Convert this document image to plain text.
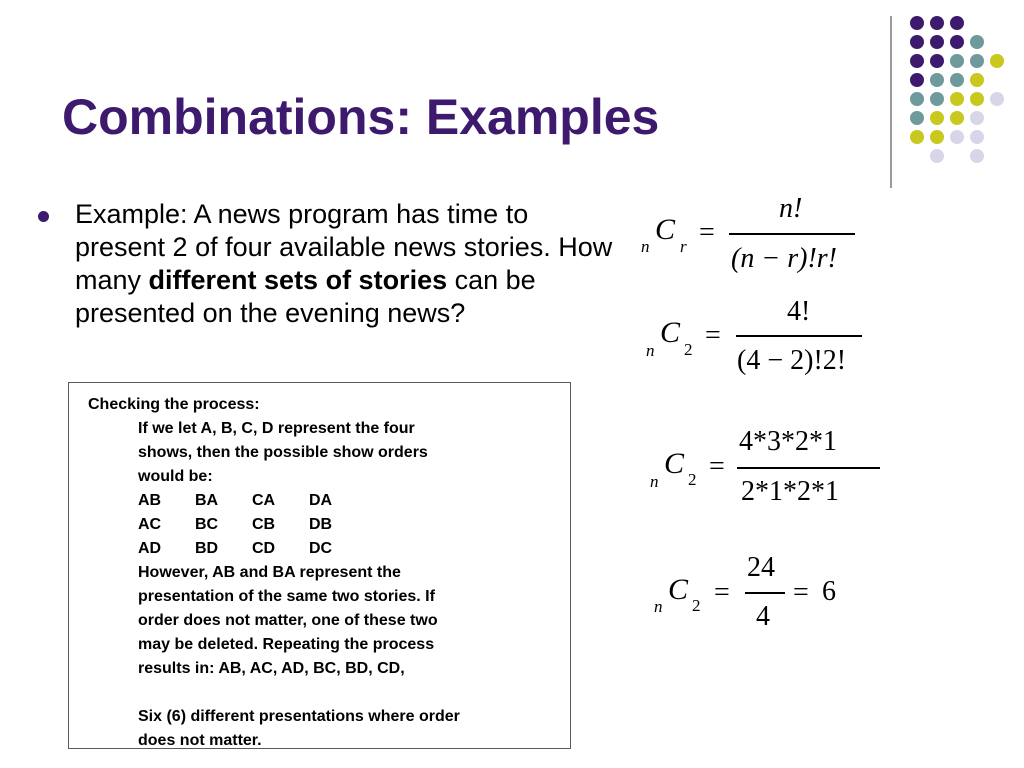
Combinations: Examples
Example: A news program has time to present 2 of four available news stories. How many different sets of stories can be presented on the evening news?
Checking the process:
If we let A, B, C, D represent the four
shows, then the possible show orders
would be:
AB BA CA DA
AC BC CB DB
AD BD CD DC
However, AB and BA represent the
presentation of the same two stories. If
order does not matter, one of these two
may be deleted. Repeating the process
results in: AB, AC, AD, BC, BD, CD,
Six (6) different presentations where order
does not matter.
n
C
r =
n!
(n − r)!r!
n
C
2 =
4!
(4 − 2)!2!
n
C 2 =
4*3*2*1
2*1*2*1
n
C 2 =
24
4
= 6
